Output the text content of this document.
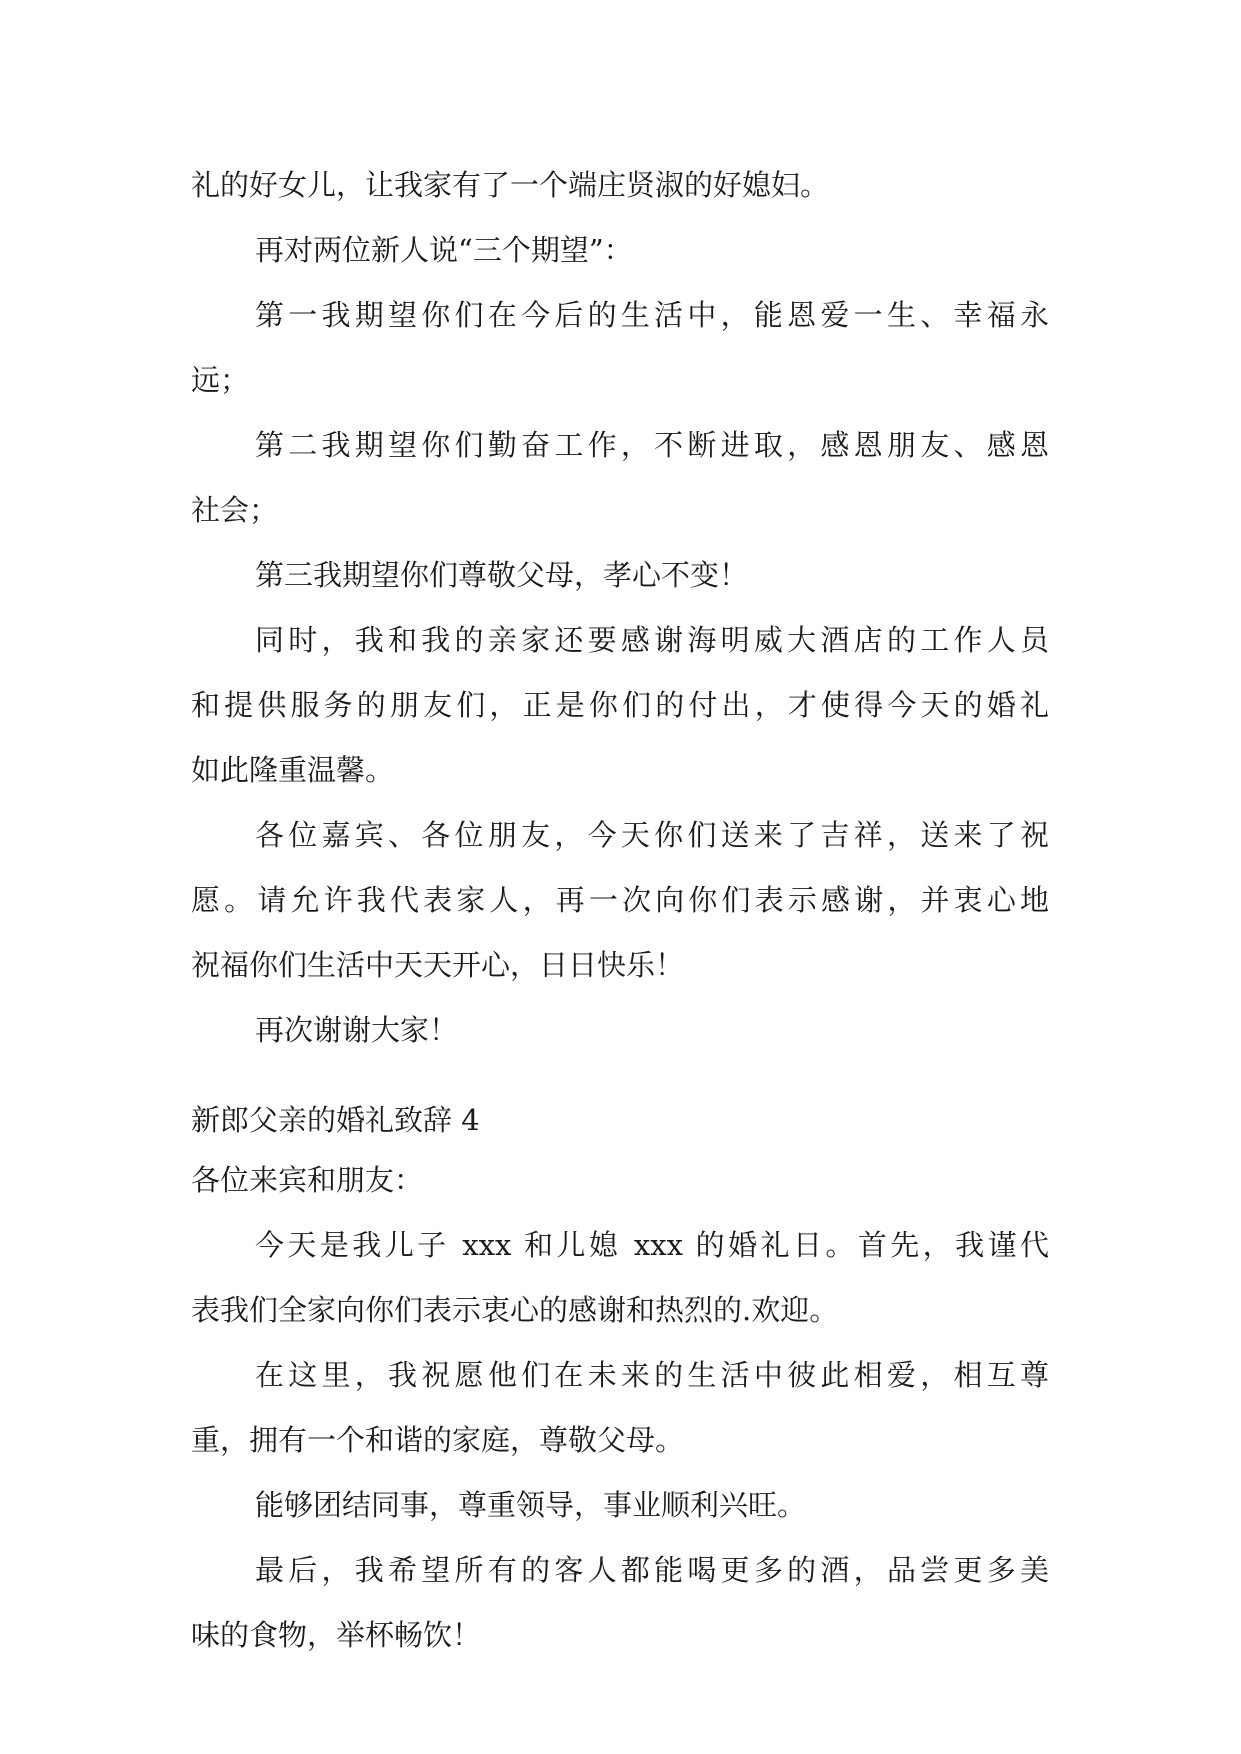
礼的好女儿，让我家有了一个端庄贤淑的好媳妇。

再对两位新人说“三个期望”：

第一我期望你们在今后的生活中，能恩爱一生、幸福永

远；

第二我期望你们勤奋工作，不断进取，感恩朋友、感恩

社会；

第三我期望你们尊敬父母，孝心不变！

同时，我和我的亲家还要感谢海明威大酒店的工作人员

和提供服务的朋友们，正是你们的付出，才使得今天的婚礼

如此隆重温馨。

各位嘉宾、各位朋友，今天你们送来了吉祥，送来了祝

愿。请允许我代表家人，再一次向你们表示感谢，并衷心地

祝福你们生活中天天开心，日日快乐！

再次谢谢大家！

新郎父亲的婚礼致辞 4

各位来宾和朋友：

今天是我儿子 xxx 和儿媳 xxx 的婚礼日。首先，我谨代

表我们全家向你们表示衷心的感谢和热烈的.欢迎。

在这里，我祝愿他们在未来的生活中彼此相爱，相互尊

重，拥有一个和谐的家庭，尊敬父母。

能够团结同事，尊重领导，事业顺利兴旺。

最后，我希望所有的客人都能喝更多的酒，品尝更多美

味的食物，举杯畅饮！
